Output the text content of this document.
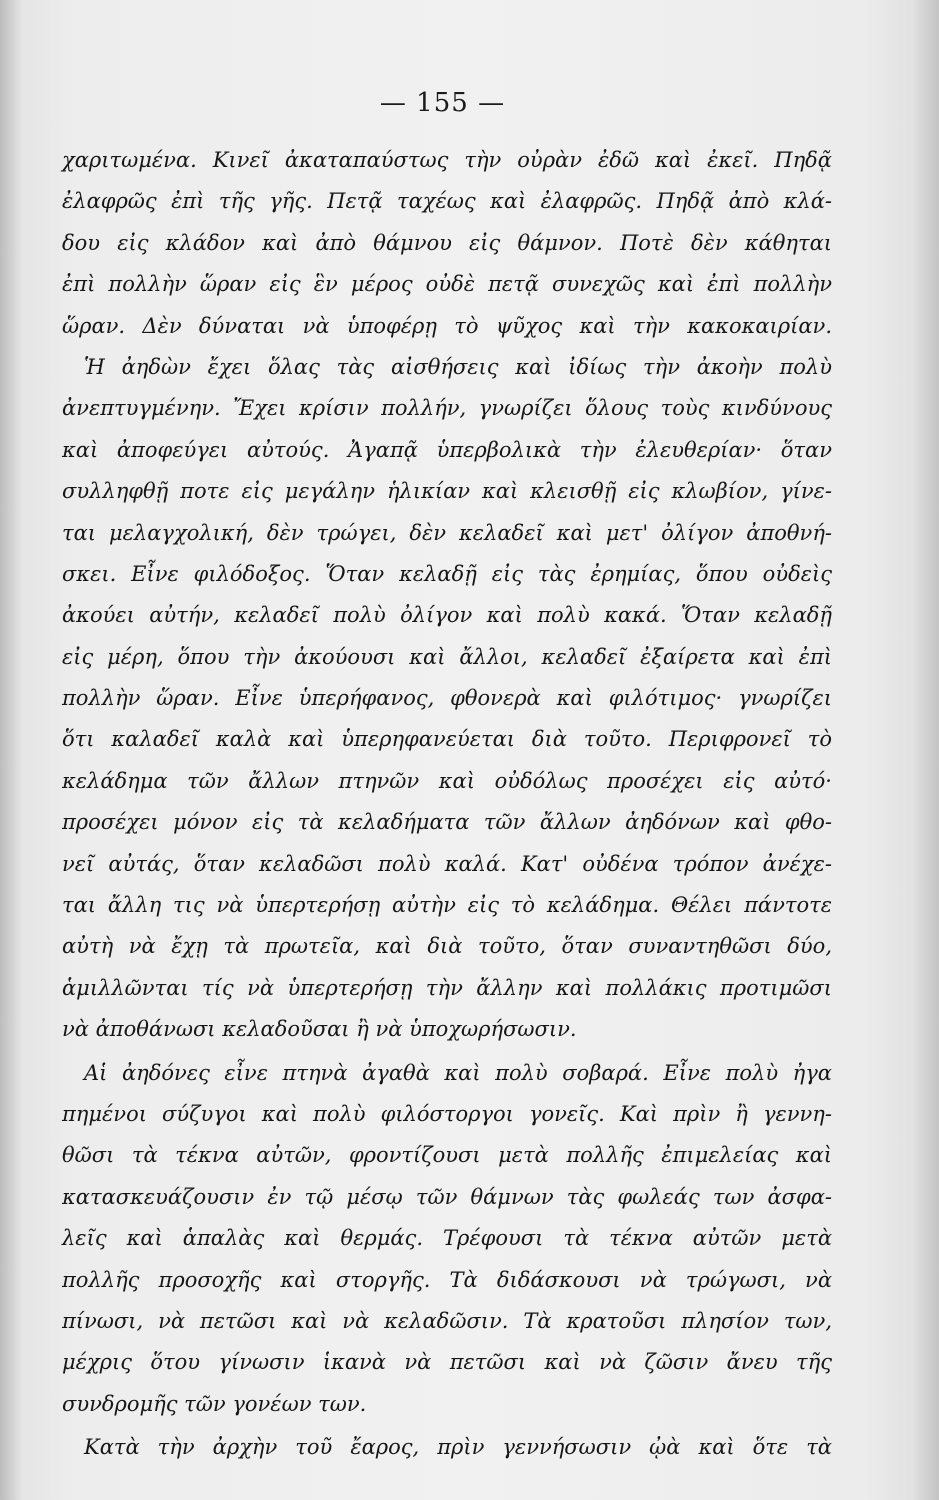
— 155 —
χαριτωμένα. Κινεῖ ἀκαταπαύστως τὴν οὐρὰν ἐδῶ καὶ ἐκεῖ. Πηδᾷ
ἐλαφρῶς ἐπὶ τῆς γῆς. Πετᾷ ταχέως καὶ ἐλαφρῶς. Πηδᾷ ἀπὸ κλά-
δου εἰς κλάδον καὶ ἀπὸ θάμνου εἰς θάμνον. Ποτὲ δὲν κάθηται
ἐπὶ πολλὴν ὥραν εἰς ἓν μέρος οὐδὲ πετᾷ συνεχῶς καὶ ἐπὶ πολλὴν
ὥραν. Δὲν δύναται νὰ ὑποφέρῃ τὸ ψῦχος καὶ τὴν κακοκαιρίαν.
Ἡ ἀηδὼν ἔχει ὅλας τὰς αἰσθήσεις καὶ ἰδίως τὴν ἀκοὴν πολὺ
ἀνεπτυγμένην. Ἔχει κρίσιν πολλήν, γνωρίζει ὅλους τοὺς κινδύνους
καὶ ἀποφεύγει αὐτούς. Ἀγαπᾷ ὑπερβολικὰ τὴν ἐλευθερίαν· ὅταν
συλληφθῇ ποτε εἰς μεγάλην ἡλικίαν καὶ κλεισθῇ εἰς κλωβίον, γίνε-
ται μελαγχολική, δὲν τρώγει, δὲν κελαδεῖ καὶ μετ' ὀλίγον ἀποθνή-
σκει. Εἶνε φιλόδοξος. Ὅταν κελαδῇ εἰς τὰς ἐρημίας, ὅπου οὐδεὶς
ἀκούει αὐτήν, κελαδεῖ πολὺ ὀλίγον καὶ πολὺ κακά. Ὅταν κελαδῇ
εἰς μέρη, ὅπου τὴν ἀκούουσι καὶ ἄλλοι, κελαδεῖ ἐξαίρετα καὶ ἐπὶ
πολλὴν ὥραν. Εἶνε ὑπερήφανος, φθονερὰ καὶ φιλότιμος· γνωρίζει
ὅτι καλαδεῖ καλὰ καὶ ὑπερηφανεύεται διὰ τοῦτο. Περιφρονεῖ τὸ
κελάδημα τῶν ἄλλων πτηνῶν καὶ οὐδόλως προσέχει εἰς αὐτό·
προσέχει μόνον εἰς τὰ κελαδήματα τῶν ἄλλων ἀηδόνων καὶ φθο-
νεῖ αὐτάς, ὅταν κελαδῶσι πολὺ καλά. Κατ' οὐδένα τρόπον ἀνέχε-
ται ἄλλη τις νὰ ὑπερτερήσῃ αὐτὴν εἰς τὸ κελάδημα. Θέλει πάντοτε
αὐτὴ νὰ ἔχῃ τὰ πρωτεῖα, καὶ διὰ τοῦτο, ὅταν συναντηθῶσι δύο,
ἁμιλλῶνται τίς νὰ ὑπερτερήσῃ τὴν ἄλλην καὶ πολλάκις προτιμῶσι
νὰ ἀποθάνωσι κελαδοῦσαι ἢ νὰ ὑποχωρήσωσιν.
Αἱ ἀηδόνες εἶνε πτηνὰ ἀγαθὰ καὶ πολὺ σοβαρά. Εἶνε πολὺ ἠγα
πημένοι σύζυγοι καὶ πολὺ φιλόστοργοι γονεῖς. Καὶ πρὶν ἢ γεννη-
θῶσι τὰ τέκνα αὐτῶν, φροντίζουσι μετὰ πολλῆς ἐπιμελείας καὶ
κατασκευάζουσιν ἐν τῷ μέσῳ τῶν θάμνων τὰς φωλεάς των ἀσφα-
λεῖς καὶ ἁπαλὰς καὶ θερμάς. Τρέφουσι τὰ τέκνα αὐτῶν μετὰ
πολλῆς προσοχῆς καὶ στοργῆς. Τὰ διδάσκουσι νὰ τρώγωσι, νὰ
πίνωσι, νὰ πετῶσι καὶ νὰ κελαδῶσιν. Τὰ κρατοῦσι πλησίον των,
μέχρις ὅτου γίνωσιν ἱκανὰ νὰ πετῶσι καὶ νὰ ζῶσιν ἄνευ τῆς
συνδρομῆς τῶν γονέων των.
Κατὰ τὴν ἀρχὴν τοῦ ἔαρος, πρὶν γεννήσωσιν ᾠὰ καὶ ὅτε τὰ
